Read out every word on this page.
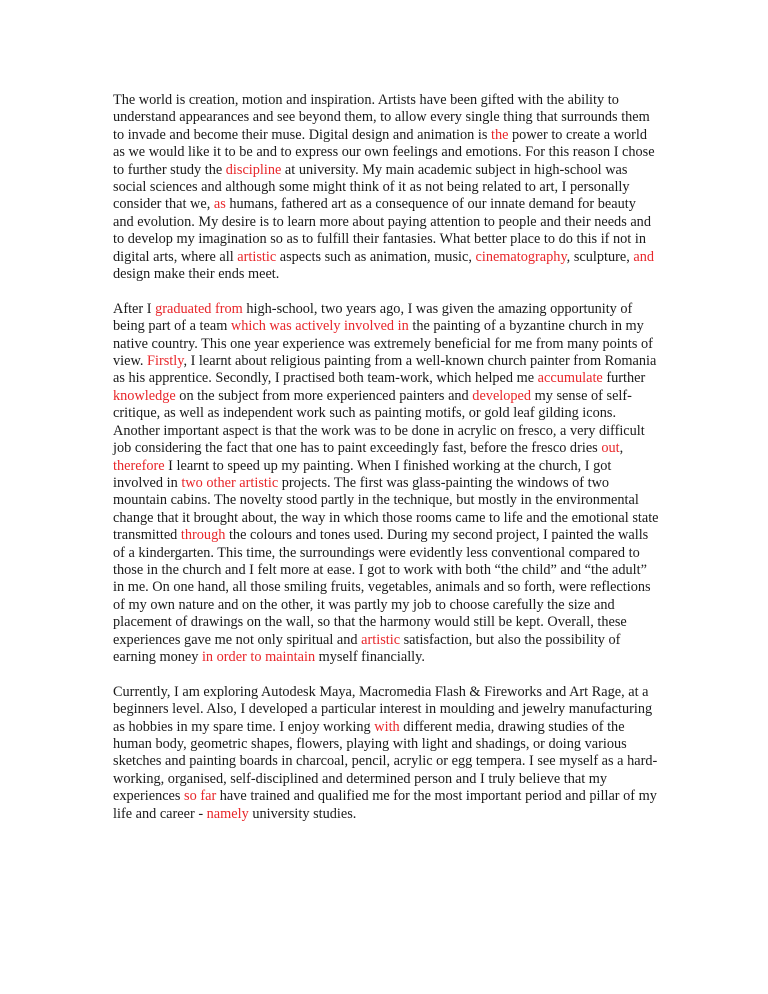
The world is creation, motion and inspiration. Artists have been gifted with the ability to understand appearances and see beyond them, to allow every single thing that surrounds them to invade and become their muse. Digital design and animation is the power to create a world as we would like it to be and to express our own feelings and emotions. For this reason I chose to further study the discipline at university. My main academic subject in high-school was social sciences and although some might think of it as not being related to art, I personally consider that we, as humans, fathered art as a consequence of our innate demand for beauty and evolution. My desire is to learn more about paying attention to people and their needs and to develop my imagination so as to fulfill their fantasies. What better place to do this if not in digital arts, where all artistic aspects such as animation, music, cinematography, sculpture, and design make their ends meet.

After I graduated from high-school, two years ago, I was given the amazing opportunity of being part of a team which was actively involved in the painting of a byzantine church in my native country. This one year experience was extremely beneficial for me from many points of view. Firstly, I learnt about religious painting from a well-known church painter from Romania as his apprentice. Secondly, I practised both team-work, which helped me accumulate further knowledge on the subject from more experienced painters and developed my sense of self-critique, as well as independent work such as painting motifs, or gold leaf gilding icons. Another important aspect is that the work was to be done in acrylic on fresco, a very difficult job considering the fact that one has to paint exceedingly fast, before the fresco dries out, therefore I learnt to speed up my painting. When I finished working at the church, I got involved in two other artistic projects. The first was glass-painting the windows of two mountain cabins. The novelty stood partly in the technique, but mostly in the environmental change that it brought about, the way in which those rooms came to life and the emotional state transmitted through the colours and tones used. During my second project, I painted the walls of a kindergarten. This time, the surroundings were evidently less conventional compared to those in the church and I felt more at ease. I got to work with both “the child” and “the adult” in me. On one hand, all those smiling fruits, vegetables, animals and so forth, were reflections of my own nature and on the other, it was partly my job to choose carefully the size and placement of drawings on the wall, so that the harmony would still be kept. Overall, these experiences gave me not only spiritual and artistic satisfaction, but also the possibility of earning money in order to maintain myself financially.

Currently, I am exploring Autodesk Maya, Macromedia Flash & Fireworks and Art Rage, at a beginners level. Also, I developed a particular interest in moulding and jewelry manufacturing as hobbies in my spare time. I enjoy working with different media, drawing studies of the human body, geometric shapes, flowers, playing with light and shadings, or doing various sketches and painting boards in charcoal, pencil, acrylic or egg tempera. I see myself as a hard-working, organised, self-disciplined and determined person and I truly believe that my experiences so far have trained and qualified me for the most important period and pillar of my life and career - namely university studies.
